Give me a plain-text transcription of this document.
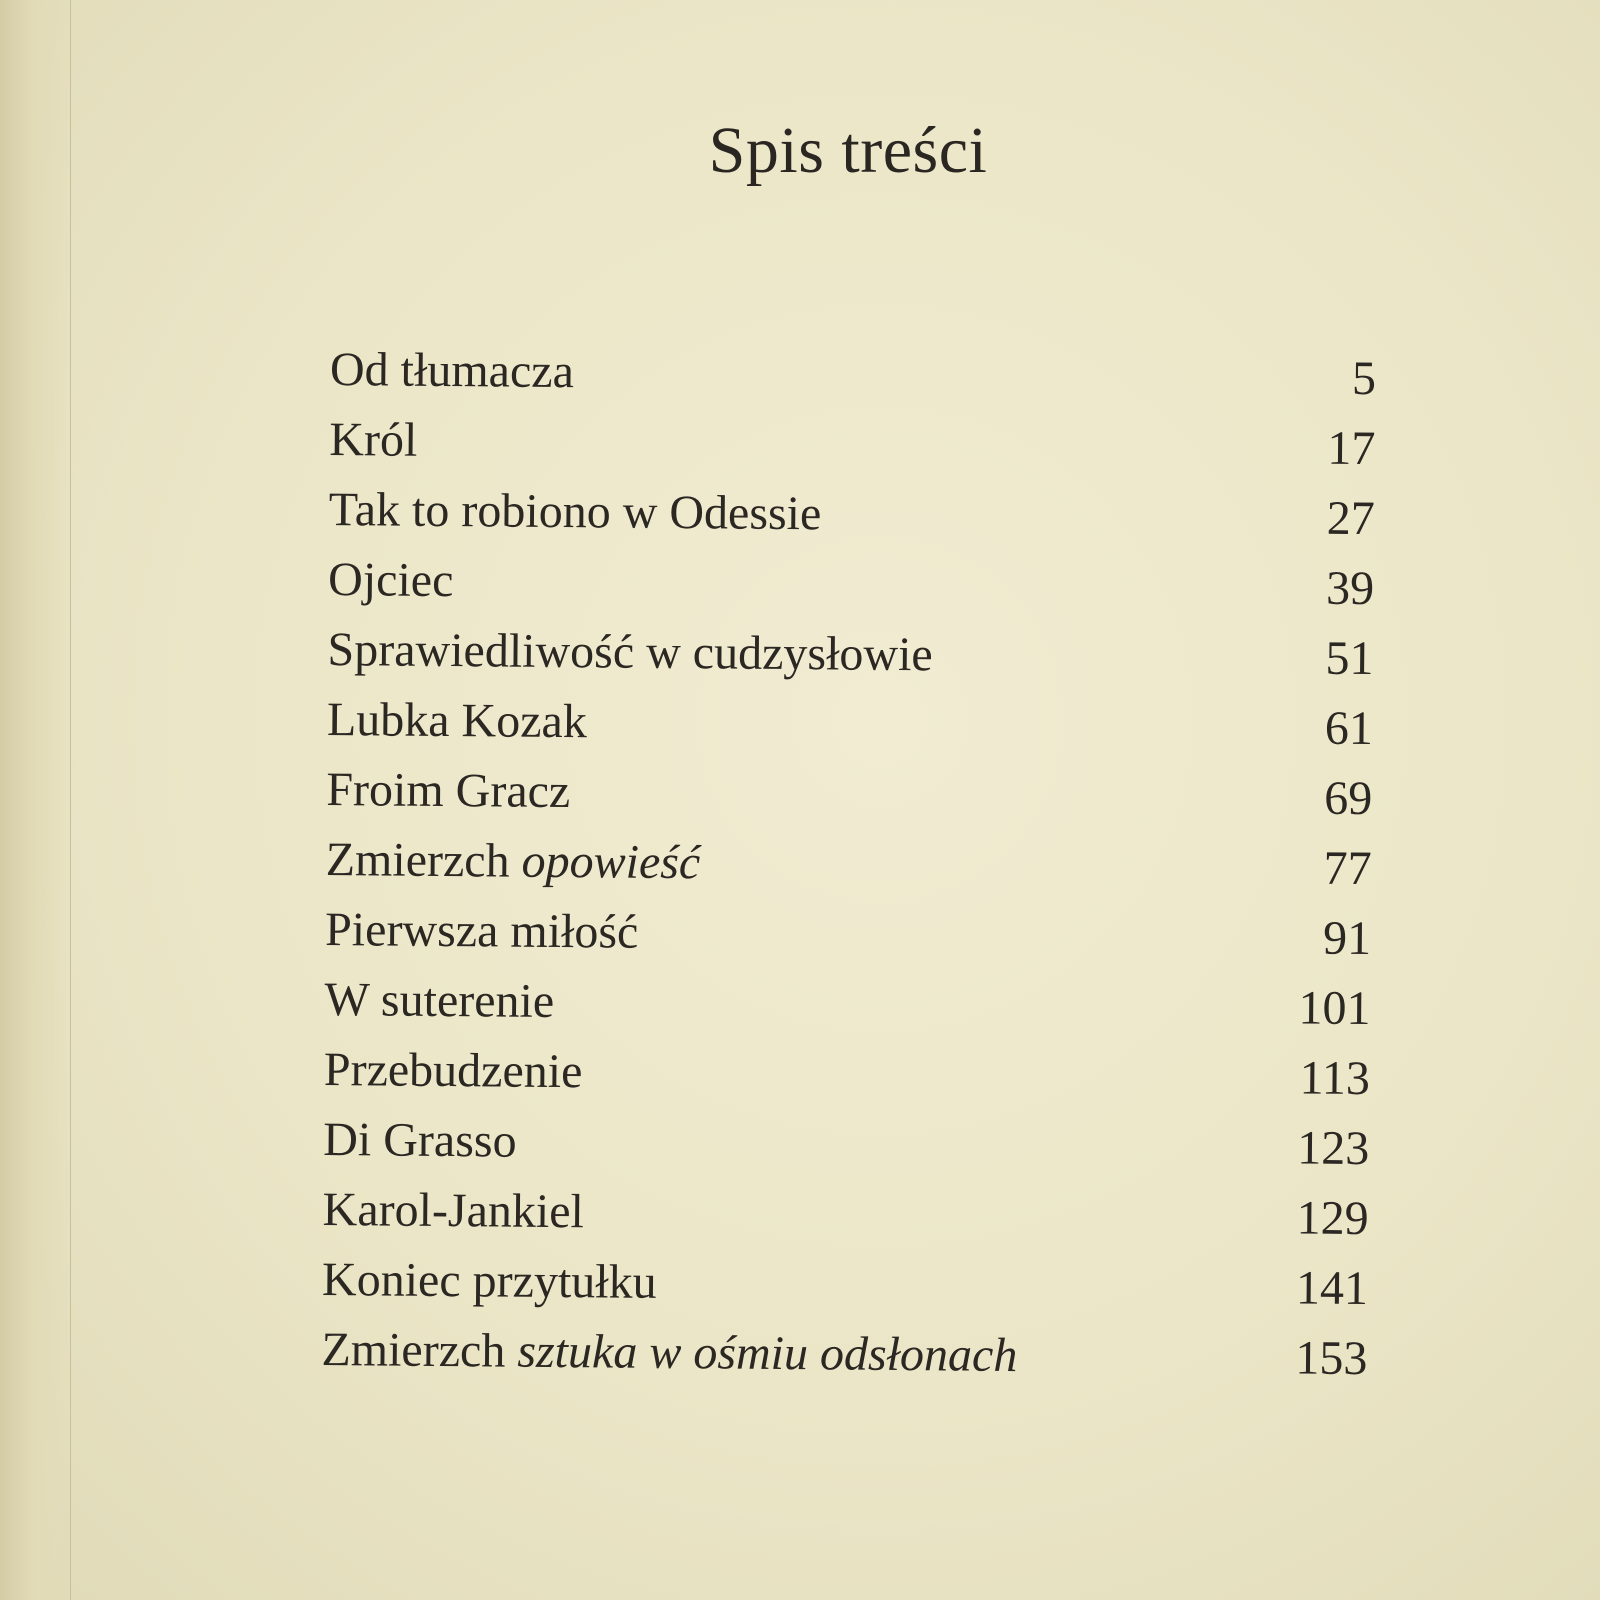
Spis treści
Od tłumacza	5
Król	17
Tak to robiono w Odessie	27
Ojciec	39
Sprawiedliwość w cudzysłowie	51
Lubka Kozak	61
Froim Gracz	69
Zmierzch opowieść	77
Pierwsza miłość	91
W suterenie	101
Przebudzenie	113
Di Grasso	123
Karol-Jankiel	129
Koniec przytułku	141
Zmierzch sztuka w ośmiu odsłonach	153
